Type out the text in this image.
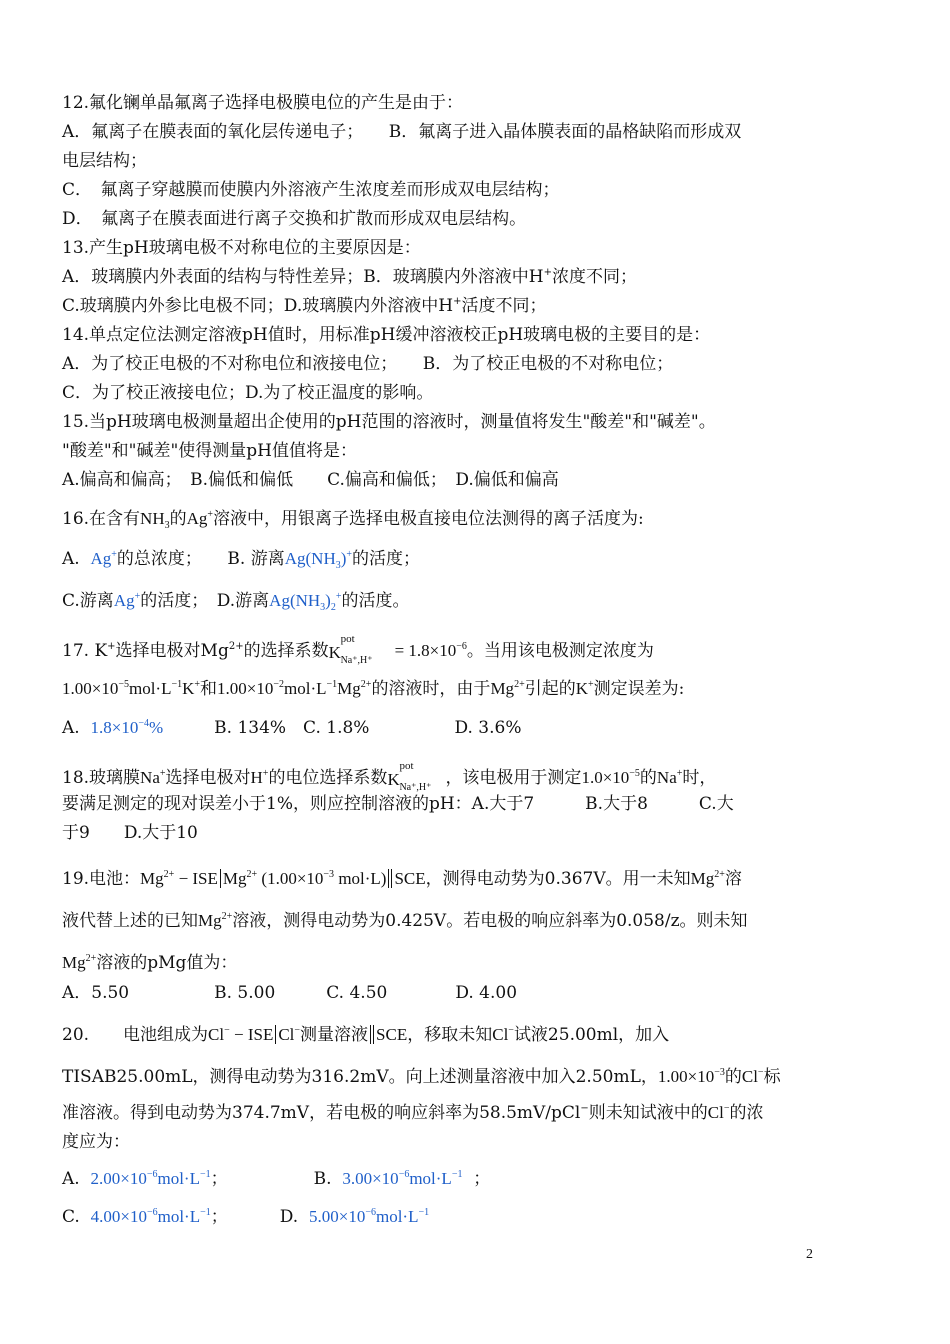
12.氟化镧单晶氟离子选择电极膜电位的产生是由于：
A．氟离子在膜表面的氧化层传递电子；　　B．氟离子进入晶体膜表面的晶格缺陷而形成双
电层结构；
C．　氟离子穿越膜而使膜内外溶液产生浓度差而形成双电层结构；
D．　氟离子在膜表面进行离子交换和扩散而形成双电层结构。
13.产生pH玻璃电极不对称电位的主要原因是：
A．玻璃膜内外表面的结构与特性差异；B．玻璃膜内外溶液中H+浓度不同；
C.玻璃膜内外参比电极不同；D.玻璃膜内外溶液中H+活度不同；
14.单点定位法测定溶液pH值时，用标准pH缓冲溶液校正pH玻璃电极的主要目的是：
A．为了校正电极的不对称电位和液接电位；　　B．为了校正电极的不对称电位；
C．为了校正液接电位；D.为了校正温度的影响。
15.当pH玻璃电极测量超出企使用的pH范围的溶液时，测量值将发生"酸差"和"碱差"。
"酸差"和"碱差"使得测量pH值值将是：
A.偏高和偏高；　B.偏低和偏低　　C.偏高和偏低；　D.偏低和偏高
16.在含有$NH_3$的Ag+溶液中，用银离子选择电极直接电位法测得的离子活度为:
A. Ag+的总浓度；　　B. 游离$Ag(NH_3)^+$的活度；
C.游离Ag+的活度；　D.游离$Ag(NH_3)_2^+$的活度。
17. K+选择电极对$Mg^{2+}$的选择系数 K
pot
Na⁺,H⁺
= $1.8\times 10^{-6}$。当用该电极测定浓度为
$1.00\times 10^{-5}mol\cdot L^{-1}K^+$和$1.00\times 10^{-2}mol\cdot L^{-1}Mg^{2+}$的溶液时，由于$Mg^{2+}$引起的K+测定误差为:
A. $1.8\times 10^{-4}\%$　　　B. 134%　C. 1.8%　　　　　D. 3.6%
18.玻璃膜Na+选择电极对H+的电位选择系数 K
pot
Na⁺,H⁺ ，该电极用于测定$1.0\times 10^{-5}$的Na+时，
要满足测定的现对误差小于1%，则应控制溶液的pH：A.大于7　　　B.大于8　　　C.大
于9　　D.大于10
19.电池：$Mg^{2+}$ − ISE $Mg^{2+}$ ($1.00\times 10^{-3}$ mol·L) SCE，测得电动势为0.367V。用一未知$Mg^{2+}$溶
液代替上述的已知$Mg^{2+}$溶液，测得电动势为0.425V。若电极的响应斜率为0.058/z。则未知
$Mg^{2+}$溶液的pMg值为：
A．5.50　　　　　B. 5.00　　　C. 4.50　　　　D. 4.00
20.　　电池组成为Cl− − ISE Cl−测量溶液 SCE，移取未知Cl−试液25.00ml，加入
TISAB25.00mL，测得电动势为316.2mV。向上述测量溶液中加入2.50mL，$1.00\times 10^{-3}$的Cl−标
准溶液。得到电动势为374.7mV，若电极的响应斜率为58.5mV/pCl−则未知试液中的Cl−的浓
度应为：
A. $2.00\times 10^{-6}mol\cdot L^{-1}$；	B. $3.00\times 10^{-6}mol\cdot L^{-1}$ ；
C. $4.00\times 10^{-6}mol\cdot L^{-1}$；	D. $5.00\times 10^{-6}mol\cdot L^{-1}$
2
